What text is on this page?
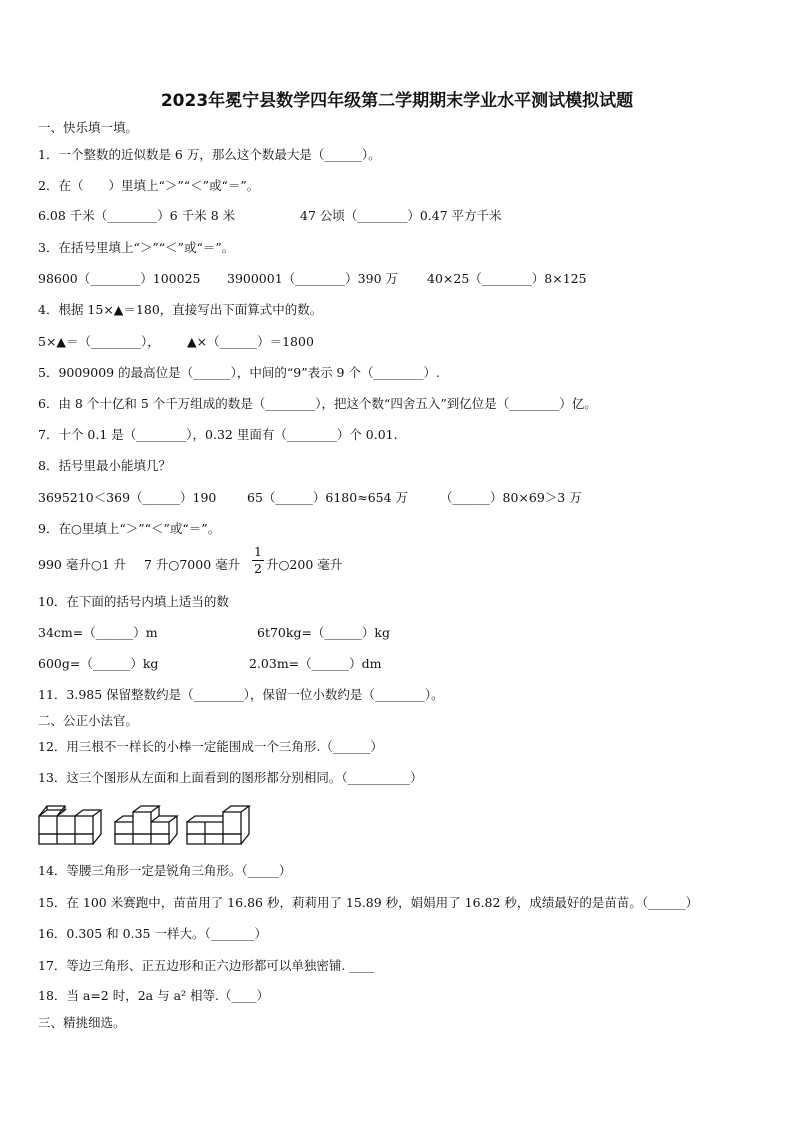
2023年冕宁县数学四年级第二学期期末学业水平测试模拟试题
一、快乐填一填。
1．一个整数的近似数是 6 万，那么这个数最大是（______）。
2．在（　　）里填上“＞”“＜”或“＝”。
6.08 千米（________）6 千米 8 米	47 公顷（________）0.47 平方千米
3．在括号里填上“＞”“＜”或“＝”。
98600（________）100025 3900001（________）390 万 40×25（________）8×125
4．根据 15×▲＝180，直接写出下面算式中的数。
5×▲＝（________）， ▲×（______）＝1800
5．9009009 的最高位是（______），中间的“9”表示 9 个（________）.
6．由 8 个十亿和 5 个千万组成的数是（________），把这个数“四舍五入”到亿位是（________）亿。
7．十个 0.1 是（________），0.32 里面有（________）个 0.01.
8．括号里最小能填几？
3695210＜369（______）190 65（______）6180≈654 万	（______）80×69＞3 万
9．在○里填上“＞”“＜”或“＝”。
990 毫升○1 升 7 升○7000 毫升
1
2 升○200 毫升
10．在下面的括号内填上适当的数
34cm=（______）m	6t70kg=（______）kg
600g=（______）kg	2.03m=（______）dm
11．3.985 保留整数约是（________），保留一位小数约是（________）。
二、公正小法官。
12．用三根不一样长的小棒一定能围成一个三角形.（______）
13．这三个图形从左面和上面看到的图形都分别相同。（__________）
14．等腰三角形一定是锐角三角形。（_____）
15．在 100 米赛跑中，苗苗用了 16.86 秒，莉莉用了 15.89 秒，娟娟用了 16.82 秒，成绩最好的是苗苗。（______）
16．0.305 和 0.35 一样大。（_______）
17．等边三角形、正五边形和正六边形都可以单独密铺. ____
18．当 a=2 时，2a 与 a² 相等.（____）
三、精挑细选。
